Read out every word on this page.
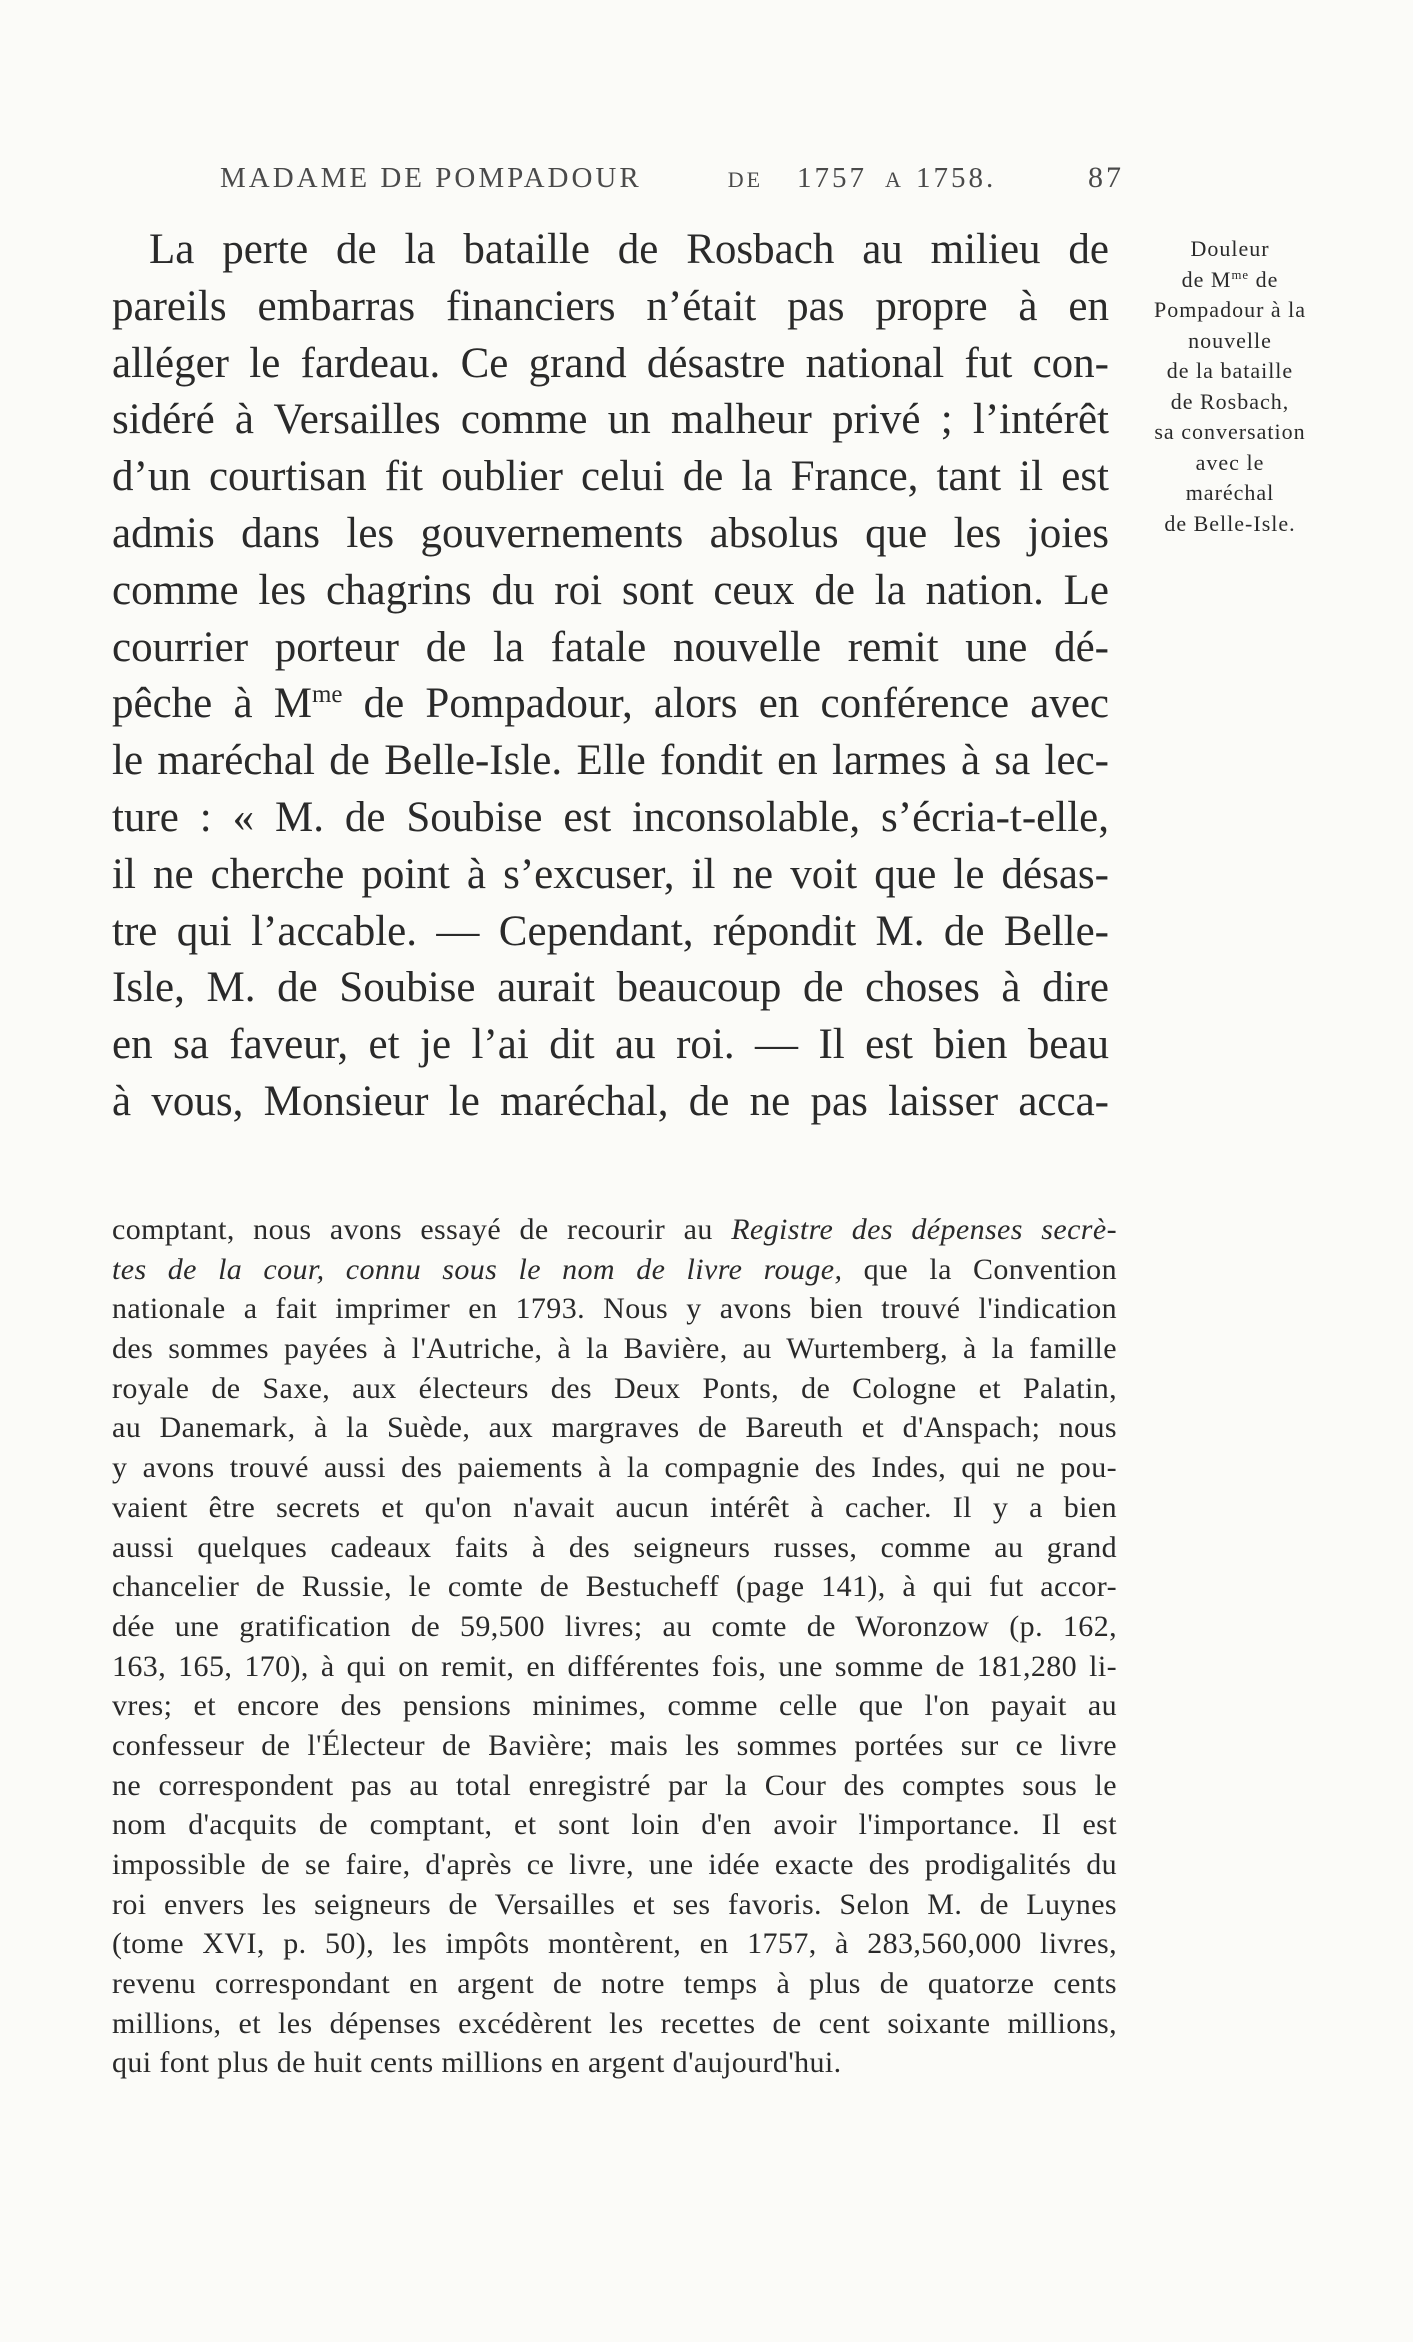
MADAME DE POMPADOUR	DE 1757 A 1758.	87
La perte de la bataille de Rosbach au milieu de
pareils embarras financiers n’était pas propre à en
alléger le fardeau. Ce grand désastre national fut con-
sidéré à Versailles comme un malheur privé ; l’intérêt
d’un courtisan fit oublier celui de la France, tant il est
admis dans les gouvernements absolus que les joies
comme les chagrins du roi sont ceux de la nation. Le
courrier porteur de la fatale nouvelle remit une dé-
pêche à $M^{me}$ de Pompadour, alors en conférence avec
le maréchal de Belle-Isle. Elle fondit en larmes à sa lec-
ture : « M. de Soubise est inconsolable, s’écria-t-elle,
il ne cherche point à s’excuser, il ne voit que le désas-
tre qui l’accable. — Cependant, répondit M. de Belle-
Isle, M. de Soubise aurait beaucoup de choses à dire
en sa faveur, et je l’ai dit au roi. — Il est bien beau
à vous, Monsieur le maréchal, de ne pas laisser acca-
Douleur
de $M^{me}$ de
Pompadour à la
nouvelle
de la bataille
de Rosbach,
sa conversation
avec le
maréchal
de Belle-Isle.
comptant, nous avons essayé de recourir au Registre des dépenses secrè-
tes de la cour, connu sous le nom de livre rouge, que la Convention
nationale a fait imprimer en 1793. Nous y avons bien trouvé l'indication
des sommes payées à l'Autriche, à la Bavière, au Wurtemberg, à la famille
royale de Saxe, aux électeurs des Deux Ponts, de Cologne et Palatin,
au Danemark, à la Suède, aux margraves de Bareuth et d'Anspach; nous
y avons trouvé aussi des paiements à la compagnie des Indes, qui ne pou-
vaient être secrets et qu'on n'avait aucun intérêt à cacher. Il y a bien
aussi quelques cadeaux faits à des seigneurs russes, comme au grand
chancelier de Russie, le comte de Bestucheff (page 141), à qui fut accor-
dée une gratification de 59,500 livres; au comte de Woronzow (p. 162,
163, 165, 170), à qui on remit, en différentes fois, une somme de 181,280 li-
vres; et encore des pensions minimes, comme celle que l'on payait au
confesseur de l'Électeur de Bavière; mais les sommes portées sur ce livre
ne correspondent pas au total enregistré par la Cour des comptes sous le
nom d'acquits de comptant, et sont loin d'en avoir l'importance. Il est
impossible de se faire, d'après ce livre, une idée exacte des prodigalités du
roi envers les seigneurs de Versailles et ses favoris. Selon M. de Luynes
(tome XVI, p. 50), les impôts montèrent, en 1757, à 283,560,000 livres,
revenu correspondant en argent de notre temps à plus de quatorze cents
millions, et les dépenses excédèrent les recettes de cent soixante millions,
qui font plus de huit cents millions en argent d'aujourd'hui.
